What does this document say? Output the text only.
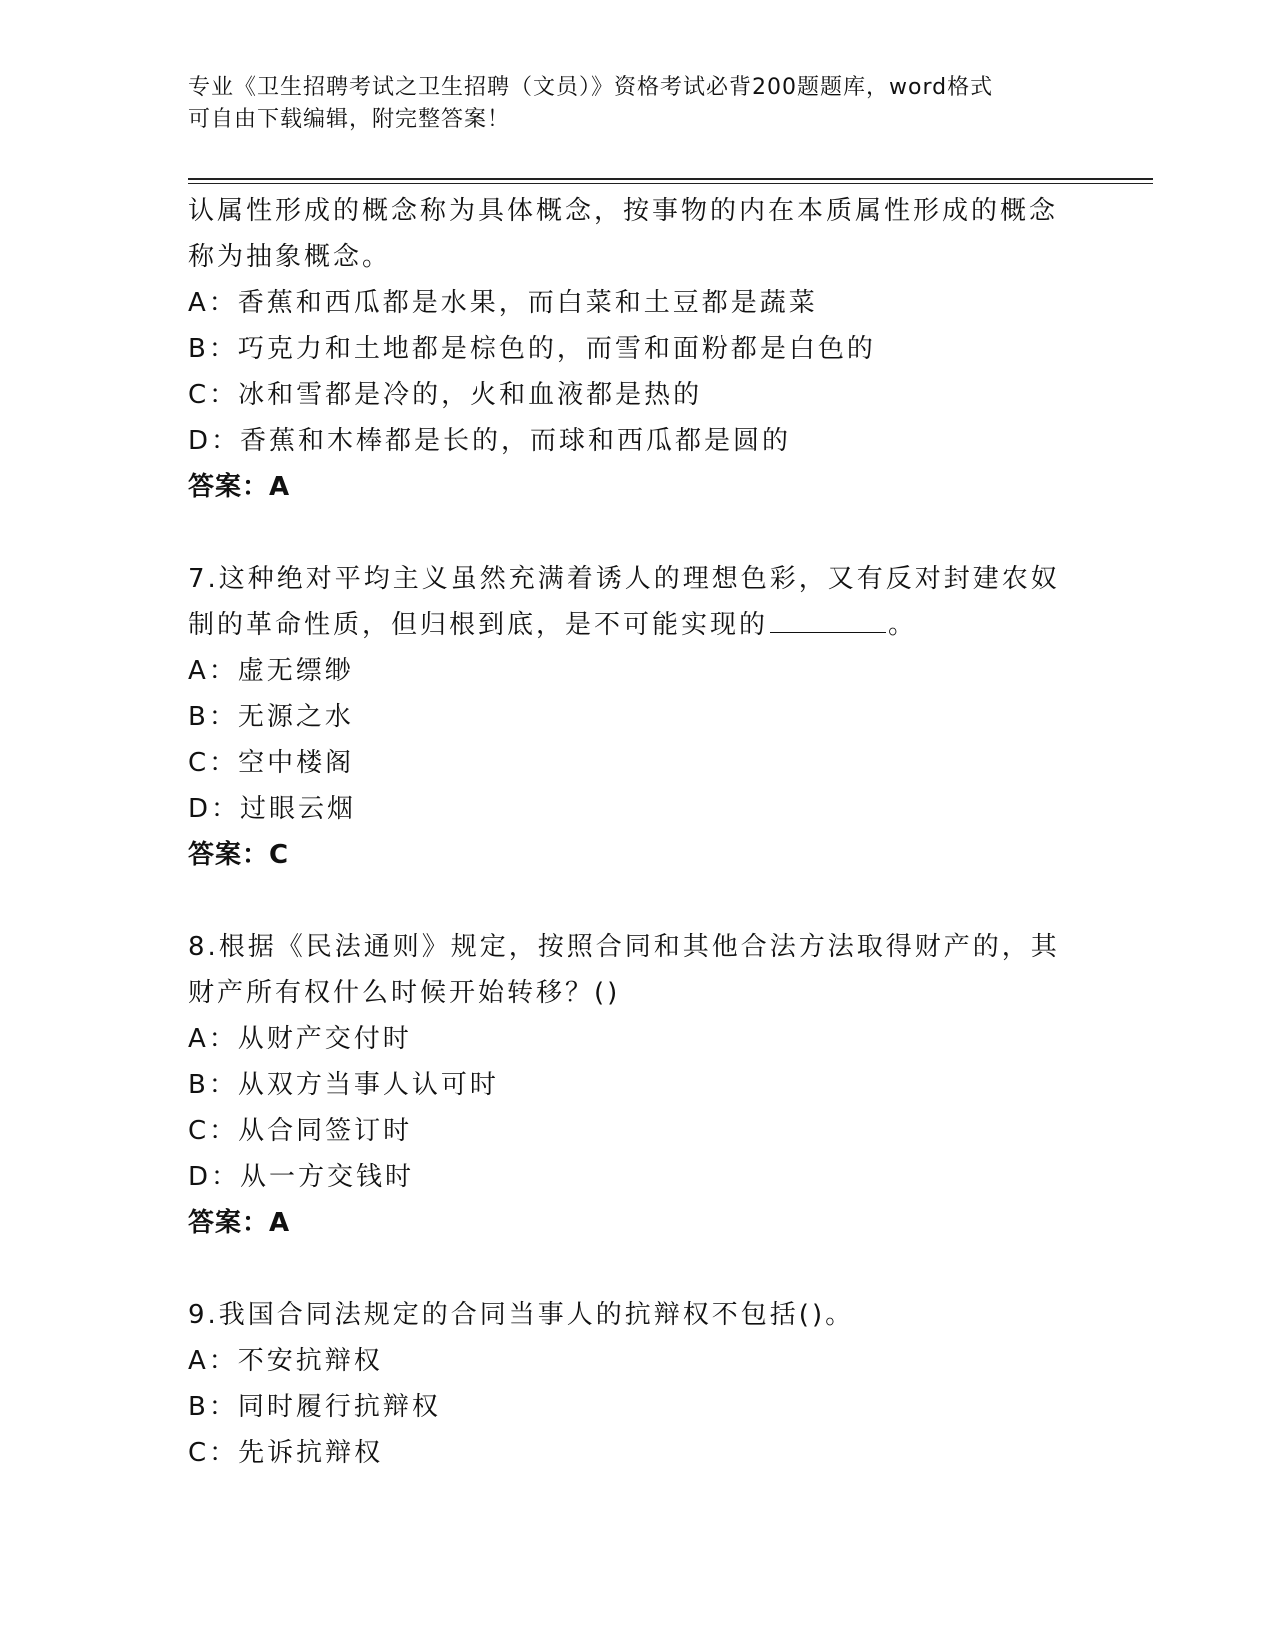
专业《卫生招聘考试之卫生招聘（文员）》资格考试必背200题题库，word格式
可自由下载编辑，附完整答案！
认属性形成的概念称为具体概念，按事物的内在本质属性形成的概念
称为抽象概念。
A：香蕉和西瓜都是水果，而白菜和土豆都是蔬菜
B：巧克力和土地都是棕色的，而雪和面粉都是白色的
C：冰和雪都是冷的，火和血液都是热的
D：香蕉和木棒都是长的，而球和西瓜都是圆的
答案：A
7.这种绝对平均主义虽然充满着诱人的理想色彩，又有反对封建农奴
制的革命性质，但归根到底，是不可能实现的	。
A：虚无缥缈
B：无源之水
C：空中楼阁
D：过眼云烟
答案：C
8.根据《民法通则》规定，按照合同和其他合法方法取得财产的，其
财产所有权什么时候开始转移？()
A：从财产交付时
B：从双方当事人认可时
C：从合同签订时
D：从一方交钱时
答案：A
9.我国合同法规定的合同当事人的抗辩权不包括()。
A：不安抗辩权
B：同时履行抗辩权
C：先诉抗辩权
